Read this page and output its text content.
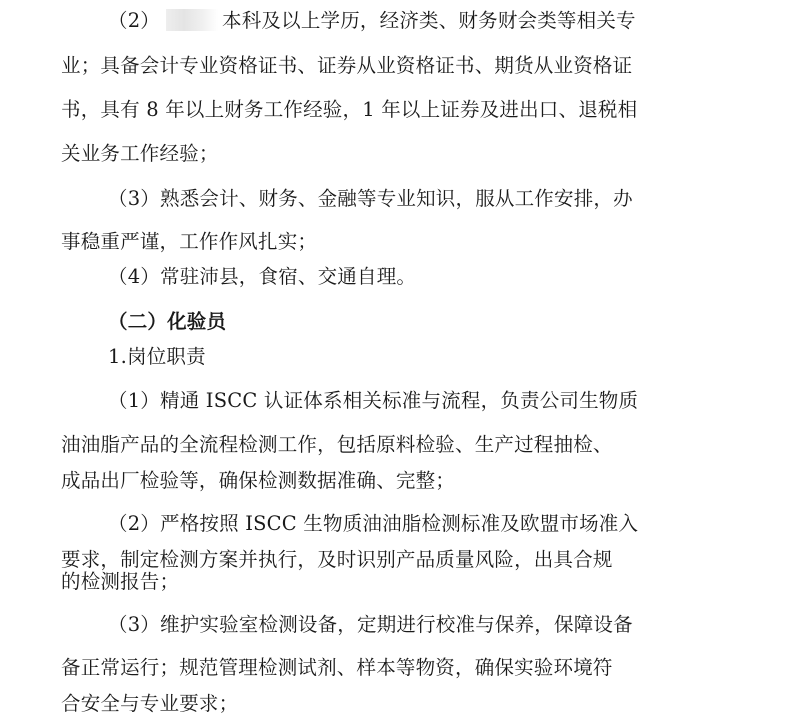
（2）	本科及以上学历，经济类、财务财会类等相关专
业；具备会计专业资格证书、证券从业资格证书、期货从业资格证
书，具有 8 年以上财务工作经验，1 年以上证券及进出口、退税相
关业务工作经验；
（3）熟悉会计、财务、金融等专业知识，服从工作安排，办
事稳重严谨，工作作风扎实；
（4）常驻沛县，食宿、交通自理。
（二）化验员
1.岗位职责
（1）精通 ISCC 认证体系相关标准与流程，负责公司生物质
油油脂产品的全流程检测工作，包括原料检验、生产过程抽检、
成品出厂检验等，确保检测数据准确、完整；
（2）严格按照 ISCC 生物质油油脂检测标准及欧盟市场准入
要求，制定检测方案并执行，及时识别产品质量风险，出具合规
的检测报告；
（3）维护实验室检测设备，定期进行校准与保养，保障设备
备正常运行；规范管理检测试剂、样本等物资，确保实验环境符
合安全与专业要求；
